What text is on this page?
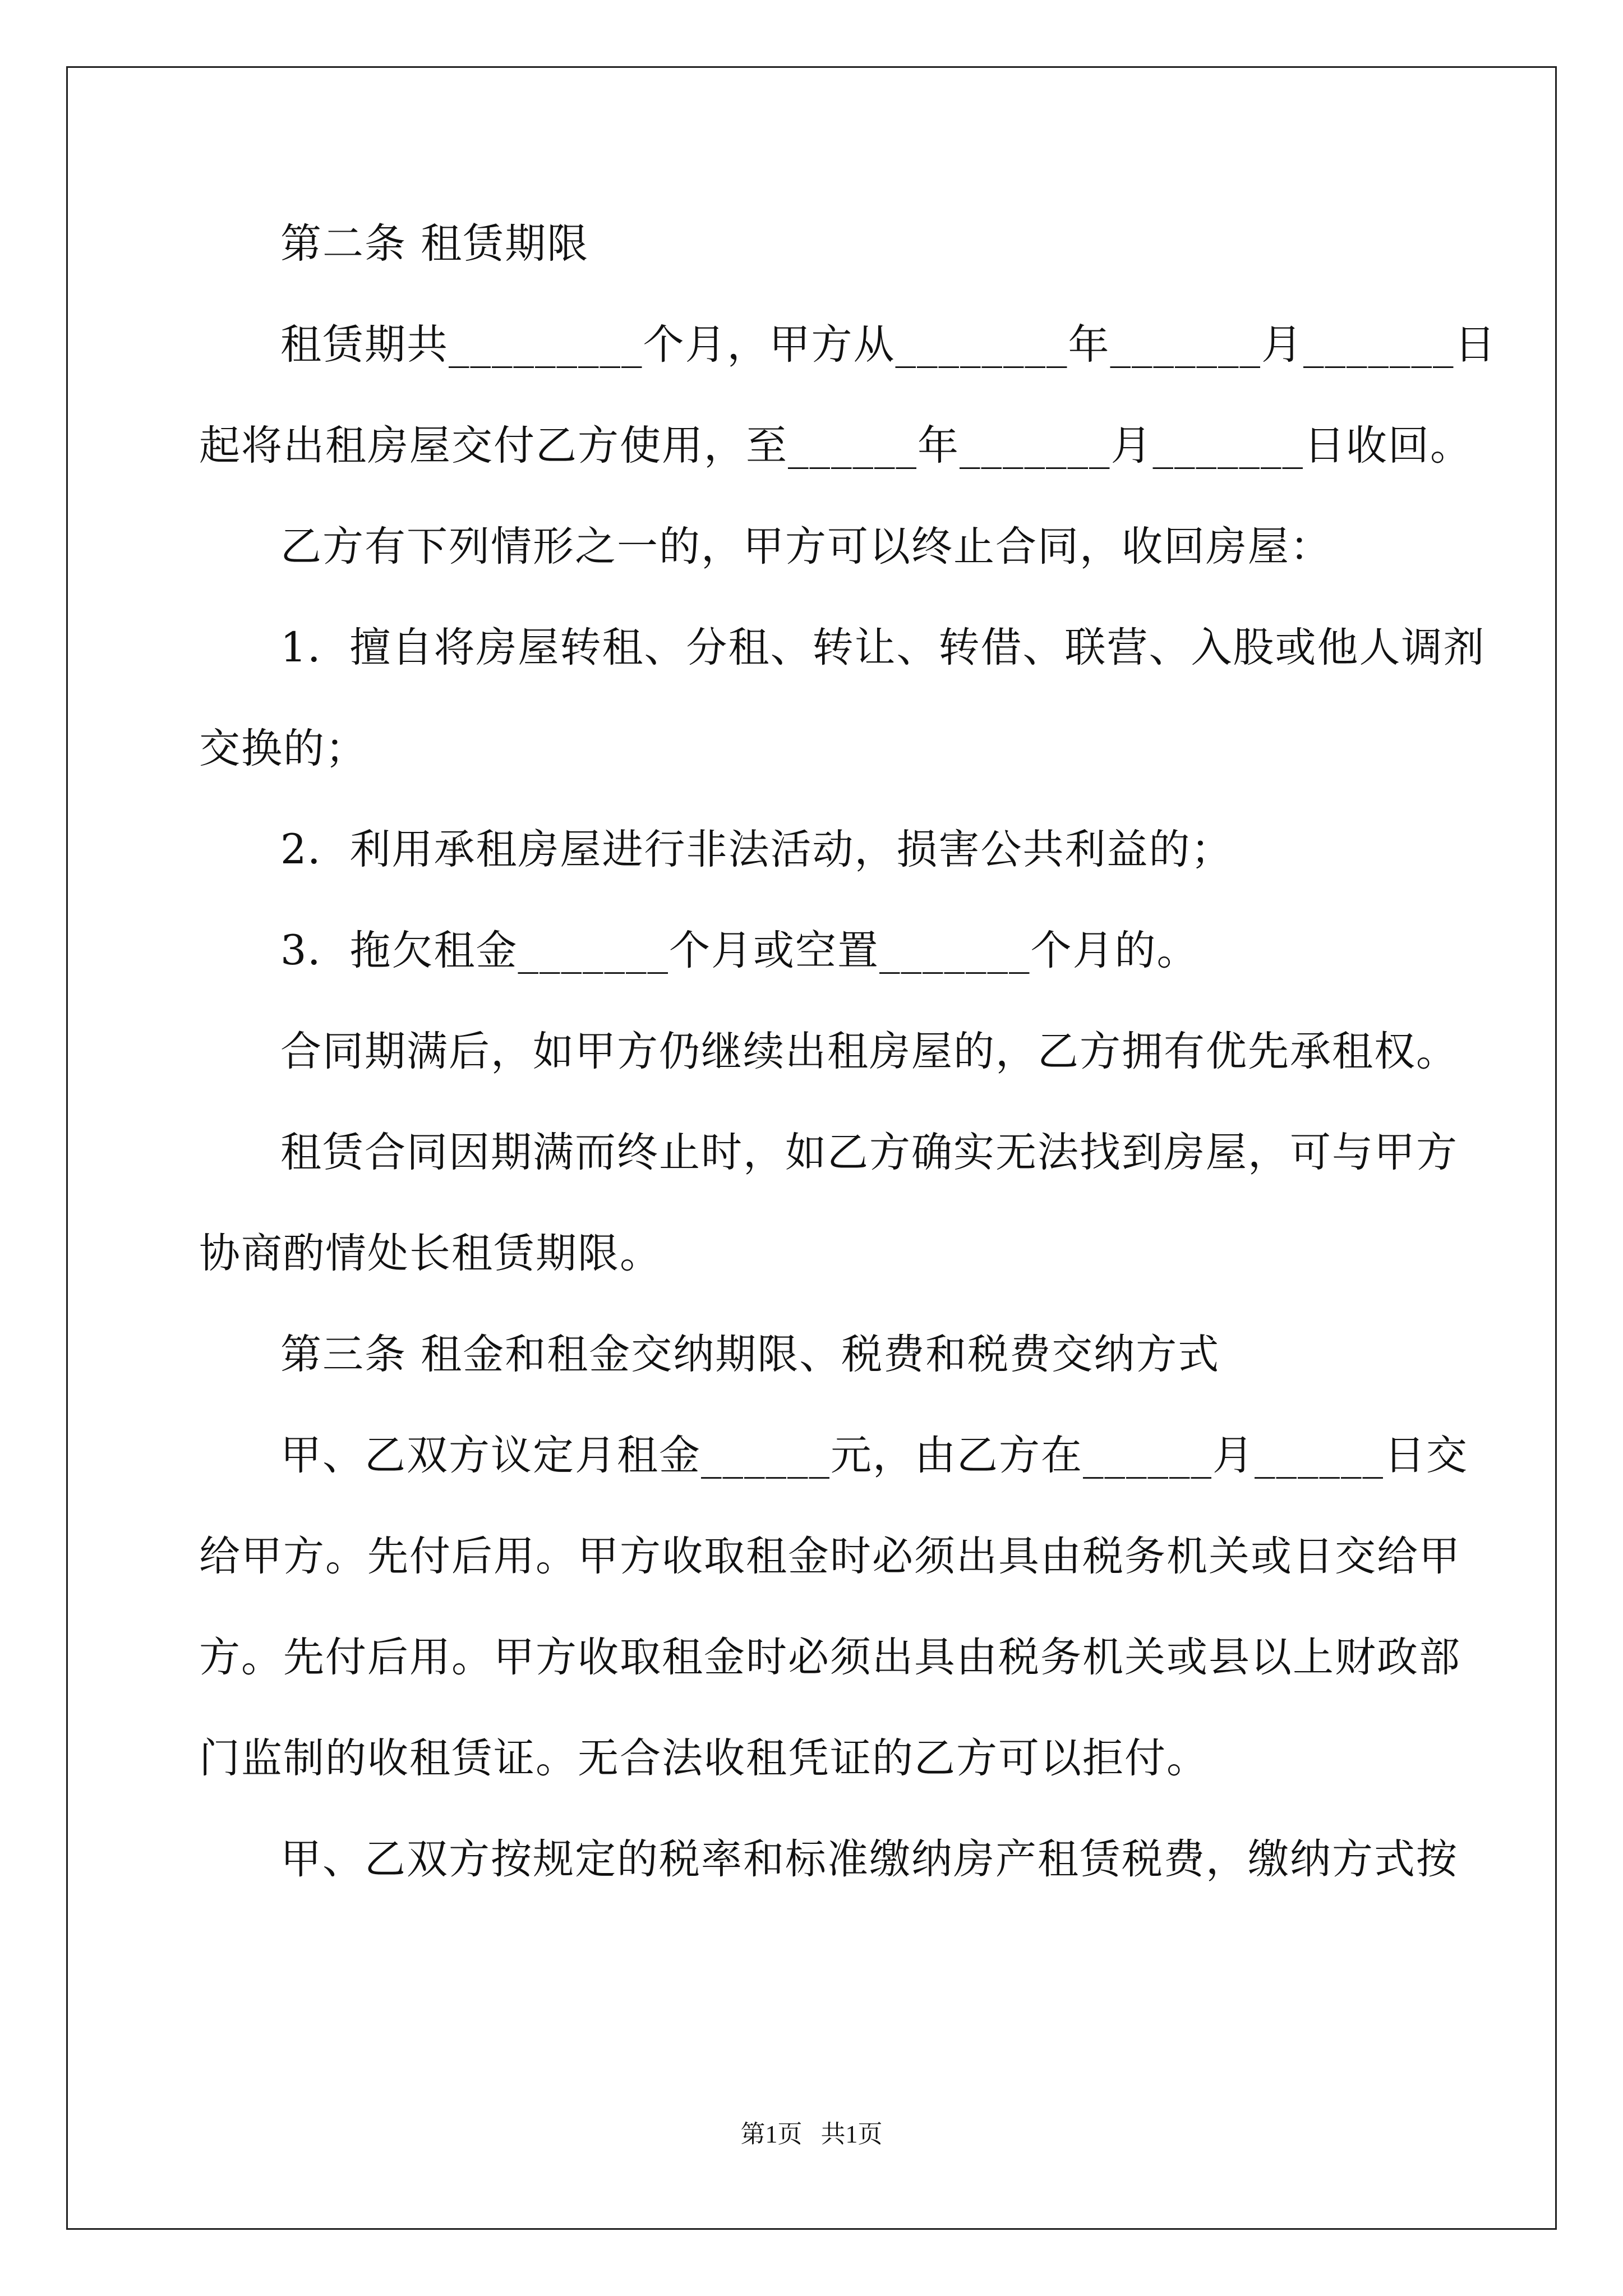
第二条 租赁期限
租赁期共_________个月，甲方从________年_______月_______日
起将出租房屋交付乙方使用，至______年_______月_______日收回。
乙方有下列情形之一的，甲方可以终止合同，收回房屋：
1．擅自将房屋转租、分租、转让、转借、联营、入股或他人调剂
交换的；
2．利用承租房屋进行非法活动，损害公共利益的；
3．拖欠租金_______个月或空置_______个月的。
合同期满后，如甲方仍继续出租房屋的，乙方拥有优先承租权。
租赁合同因期满而终止时，如乙方确实无法找到房屋，可与甲方
协商酌情处长租赁期限。
第三条 租金和租金交纳期限、税费和税费交纳方式
甲、乙双方议定月租金______元，由乙方在______月______日交
给甲方。先付后用。甲方收取租金时必须出具由税务机关或日交给甲
方。先付后用。甲方收取租金时必须出具由税务机关或县以上财政部
门监制的收租赁证。无合法收租凭证的乙方可以拒付。
甲、乙双方按规定的税率和标准缴纳房产租赁税费，缴纳方式按
第1页   共1页
